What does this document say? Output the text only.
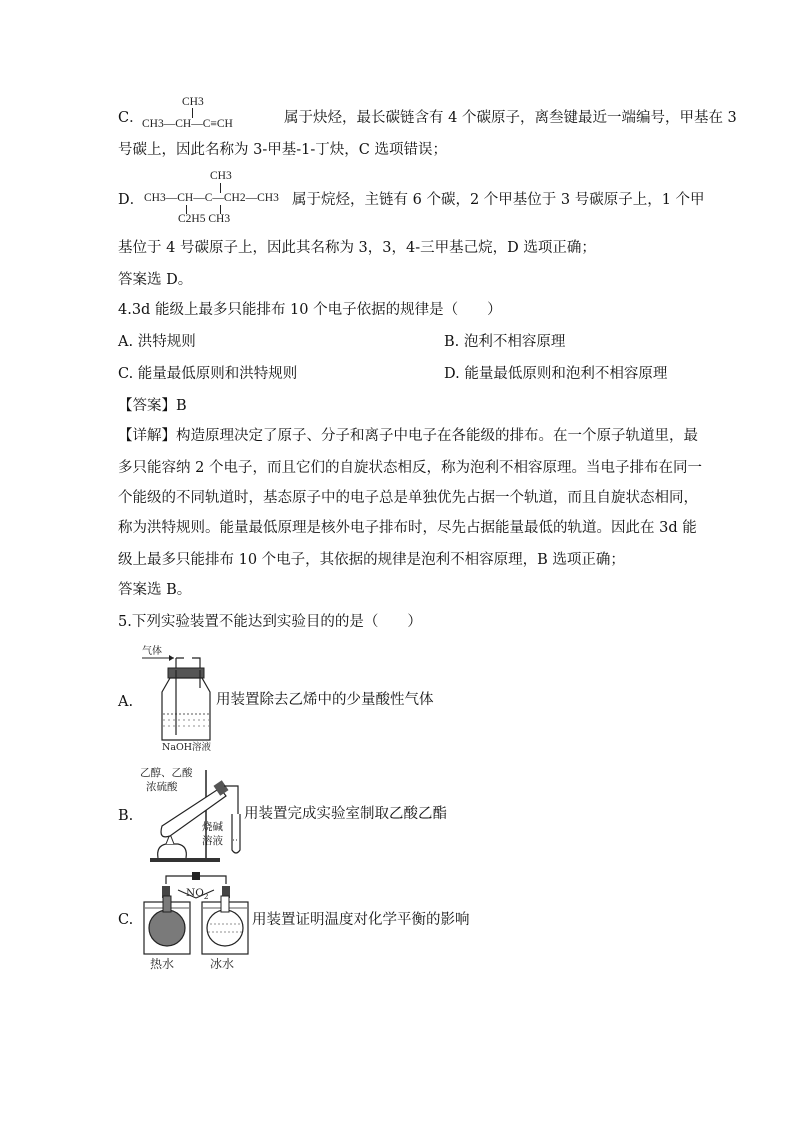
C．
CH3
CH3—CH—C≡CH	属于炔烃，最长碳链含有 4 个碳原子，离叁键最近一端编号，甲基在 3
号碳上，因此名称为 3-甲基-1-丁炔，C 选项错误；
D．
CH3
CH3—CH—C—CH2—CH3
C2H5 CH3
属于烷烃，主链有 6 个碳，2 个甲基位于 3 号碳原子上，1 个甲
基位于 4 号碳原子上，因此其名称为 3，3，4-三甲基己烷，D 选项正确；
答案选 D。
4.3d 能级上最多只能排布 10 个电子依据的规律是（　　）
A. 洪特规则	B. 泡利不相容原理
C. 能量最低原则和洪特规则	D. 能量最低原则和泡利不相容原理
【答案】B
【详解】构造原理决定了原子、分子和离子中电子在各能级的排布。在一个原子轨道里，最
多只能容纳 2 个电子，而且它们的自旋状态相反，称为泡利不相容原理。当电子排布在同一
个能级的不同轨道时，基态原子中的电子总是单独优先占据一个轨道，而且自旋状态相同，
称为洪特规则。能量最低原理是核外电子排布时，尽先占据能量最低的轨道。因此在 3d 能
级上最多只能排布 10 个电子，其依据的规律是泡利不相容原理，B 选项正确；
答案选 B。
5.下列实验装置不能达到实验目的的是（　　）
A.
气体
NaOH溶液
用装置除去乙烯中的少量酸性气体
B.
乙醇、乙酸
浓硫酸
烧碱
溶液
用装置完成实验室制取乙酸乙酯
C.
$NO_2$
热水	冰水
用装置证明温度对化学平衡的影响
